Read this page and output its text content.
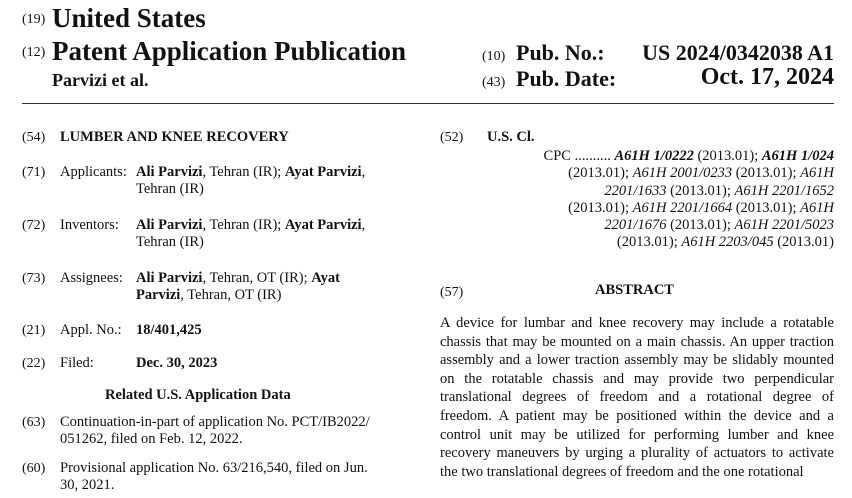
(19) United States
(12) Patent Application Publication
Parvizi et al.
(10) Pub. No.: US 2024/0342038 A1
(43) Pub. Date:	Oct. 17, 2024
(54) LUMBER AND KNEE RECOVERY
(71) Applicants: Ali Parvizi, Tehran (IR); Ayat Parvizi,
Tehran (IR)
(72) Inventors: Ali Parvizi, Tehran (IR); Ayat Parvizi,
Tehran (IR)
(73) Assignees: Ali Parvizi, Tehran, OT (IR); Ayat
Parvizi, Tehran, OT (IR)
(21) Appl. No.: 18/401,425
(22) Filed:	Dec. 30, 2023
Related U.S. Application Data
(63) Continuation-in-part of application No. PCT/IB2022/
051262, filed on Feb. 12, 2022.
(60) Provisional application No. 63/216,540, filed on Jun.
30, 2021.
(52) U.S. Cl.
CPC .......... A61H 1/0222 (2013.01); A61H 1/024
(2013.01); A61H 2001/0233 (2013.01); A61H
2201/1633 (2013.01); A61H 2201/1652
(2013.01); A61H 2201/1664 (2013.01); A61H
2201/1676 (2013.01); A61H 2201/5023
(2013.01); A61H 2203/045 (2013.01)
(57)	ABSTRACT
A device for lumbar and knee recovery may include a rotatable chassis that may be mounted on a main chassis. An upper traction assembly and a lower traction assembly may be slidably mounted on the rotatable chassis and may provide two perpendicular translational degrees of freedom and a rotational degree of freedom. A patient may be positioned within the device and a control unit may be utilized for performing lumber and knee recovery maneuvers by urging a plurality of actuators to activate the two translational degrees of freedom and the one rotational
